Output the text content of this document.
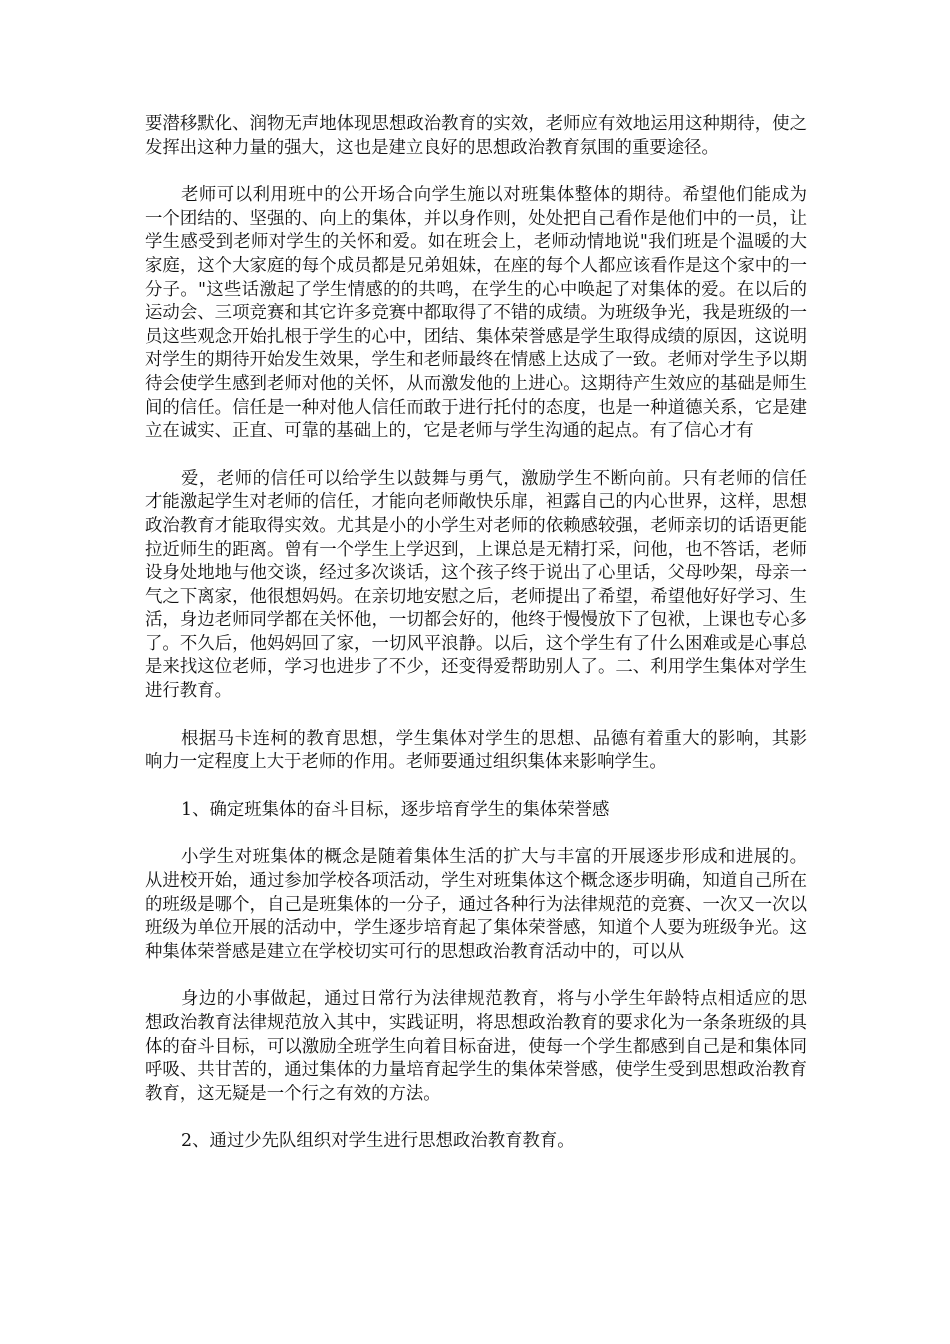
要潜移默化、润物无声地体现思想政治教育的实效，老师应有效地运用这种期待，使之发挥出这种力量的强大，这也是建立良好的思想政治教育氛围的重要途径。

老师可以利用班中的公开场合向学生施以对班集体整体的期待。希望他们能成为一个团结的、坚强的、向上的集体，并以身作则，处处把自己看作是他们中的一员，让学生感受到老师对学生的关怀和爱。如在班会上，老师动情地说"我们班是个温暖的大家庭，这个大家庭的每个成员都是兄弟姐妹，在座的每个人都应该看作是这个家中的一分子。"这些话激起了学生情感的的共鸣，在学生的心中唤起了对集体的爱。在以后的运动会、三项竞赛和其它许多竞赛中都取得了不错的成绩。为班级争光，我是班级的一员这些观念开始扎根于学生的心中，团结、集体荣誉感是学生取得成绩的原因，这说明对学生的期待开始发生效果，学生和老师最终在情感上达成了一致。老师对学生予以期待会使学生感到老师对他的关怀，从而激发他的上进心。这期待产生效应的基础是师生间的信任。信任是一种对他人信任而敢于进行托付的态度，也是一种道德关系，它是建立在诚实、正直、可靠的基础上的，它是老师与学生沟通的起点。有了信心才有

爱，老师的信任可以给学生以鼓舞与勇气，激励学生不断向前。只有老师的信任才能激起学生对老师的信任，才能向老师敞快乐扉，袒露自己的内心世界，这样，思想政治教育才能取得实效。尤其是小的小学生对老师的依赖感较强，老师亲切的话语更能拉近师生的距离。曾有一个学生上学迟到，上课总是无精打采，问他，也不答话，老师设身处地地与他交谈，经过多次谈话，这个孩子终于说出了心里话，父母吵架，母亲一气之下离家，他很想妈妈。在亲切地安慰之后，老师提出了希望，希望他好好学习、生活，身边老师同学都在关怀他，一切都会好的，他终于慢慢放下了包袱，上课也专心多了。不久后，他妈妈回了家，一切风平浪静。以后，这个学生有了什么困难或是心事总是来找这位老师，学习也进步了不少，还变得爱帮助别人了。二、利用学生集体对学生进行教育。

根据马卡连柯的教育思想，学生集体对学生的思想、品德有着重大的影响，其影响力一定程度上大于老师的作用。老师要通过组织集体来影响学生。

1、确定班集体的奋斗目标，逐步培育学生的集体荣誉感

小学生对班集体的概念是随着集体生活的扩大与丰富的开展逐步形成和进展的。从进校开始，通过参加学校各项活动，学生对班集体这个概念逐步明确，知道自己所在的班级是哪个，自己是班集体的一分子，通过各种行为法律规范的竞赛、一次又一次以班级为单位开展的活动中，学生逐步培育起了集体荣誉感，知道个人要为班级争光。这种集体荣誉感是建立在学校切实可行的思想政治教育活动中的，可以从

身边的小事做起，通过日常行为法律规范教育，将与小学生年龄特点相适应的思想政治教育法律规范放入其中，实践证明，将思想政治教育的要求化为一条条班级的具体的奋斗目标，可以激励全班学生向着目标奋进，使每一个学生都感到自己是和集体同呼吸、共甘苦的，通过集体的力量培育起学生的集体荣誉感，使学生受到思想政治教育教育，这无疑是一个行之有效的方法。

2、通过少先队组织对学生进行思想政治教育教育。
